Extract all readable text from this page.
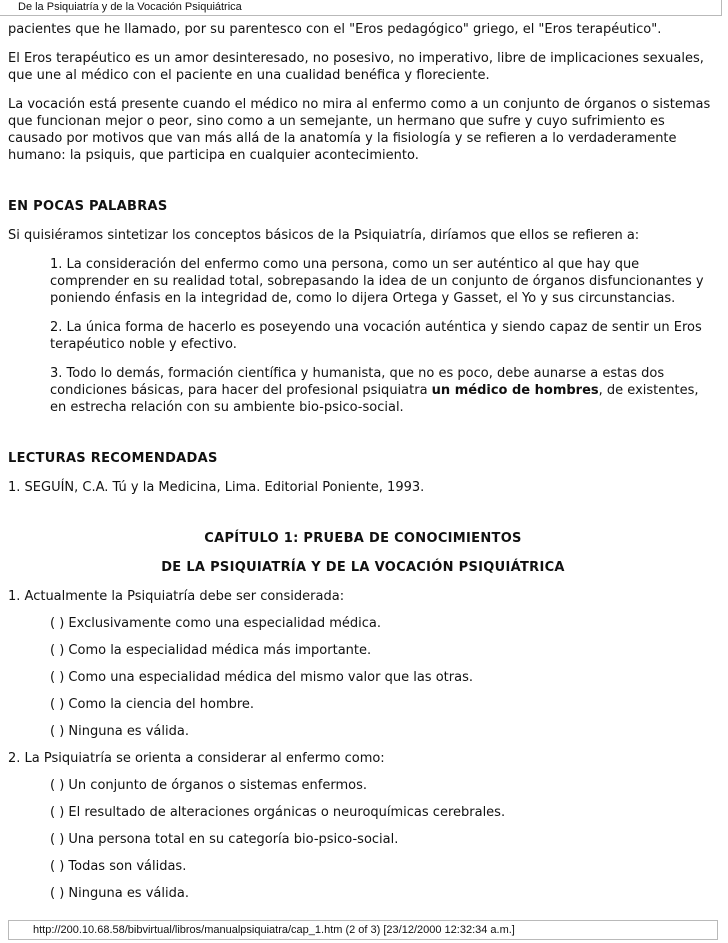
De la Psiquiatría y de la Vocación Psiquiátrica

pacientes que he llamado, por su parentesco con el "Eros pedagógico" griego, el "Eros terapéutico".

El Eros terapéutico es un amor desinteresado, no posesivo, no imperativo, libre de implicaciones sexuales, que une al médico con el paciente en una cualidad benéfica y floreciente.

La vocación está presente cuando el médico no mira al enfermo como a un conjunto de órganos o sistemas que funcionan mejor o peor, sino como a un semejante, un hermano que sufre y cuyo sufrimiento es causado por motivos que van más allá de la anatomía y la fisiología y se refieren a lo verdaderamente humano: la psiquis, que participa en cualquier acontecimiento.

EN POCAS PALABRAS

Si quisiéramos sintetizar los conceptos básicos de la Psiquiatría, diríamos que ellos se refieren a:

1. La consideración del enfermo como una persona, como un ser auténtico al que hay que comprender en su realidad total, sobrepasando la idea de un conjunto de órganos disfuncionantes y poniendo énfasis en la integridad de, como lo dijera Ortega y Gasset, el Yo y sus circunstancias.

2. La única forma de hacerlo es poseyendo una vocación auténtica y siendo capaz de sentir un Eros terapéutico noble y efectivo.

3. Todo lo demás, formación científica y humanista, que no es poco, debe aunarse a estas dos condiciones básicas, para hacer del profesional psiquiatra un médico de hombres, de existentes, en estrecha relación con su ambiente bio-psico-social.

LECTURAS RECOMENDADAS

1. SEGUÍN, C.A. Tú y la Medicina, Lima. Editorial Poniente, 1993.

CAPÍTULO 1: PRUEBA DE CONOCIMIENTOS

DE LA PSIQUIATRÍA Y DE LA VOCACIÓN PSIQUIÁTRICA

1. Actualmente la Psiquiatría debe ser considerada:
( ) Exclusivamente como una especialidad médica.
( ) Como la especialidad médica más importante.
( ) Como una especialidad médica del mismo valor que las otras.
( ) Como la ciencia del hombre.
( ) Ninguna es válida.
2. La Psiquiatría se orienta a considerar al enfermo como:
( ) Un conjunto de órganos o sistemas enfermos.
( ) El resultado de alteraciones orgánicas o neuroquímicas cerebrales.
( ) Una persona total en su categoría bio-psico-social.
( ) Todas son válidas.
( ) Ninguna es válida.
http://200.10.68.58/bibvirtual/libros/manualpsiquiatra/cap_1.htm (2 of 3) [23/12/2000 12:32:34 a.m.]
